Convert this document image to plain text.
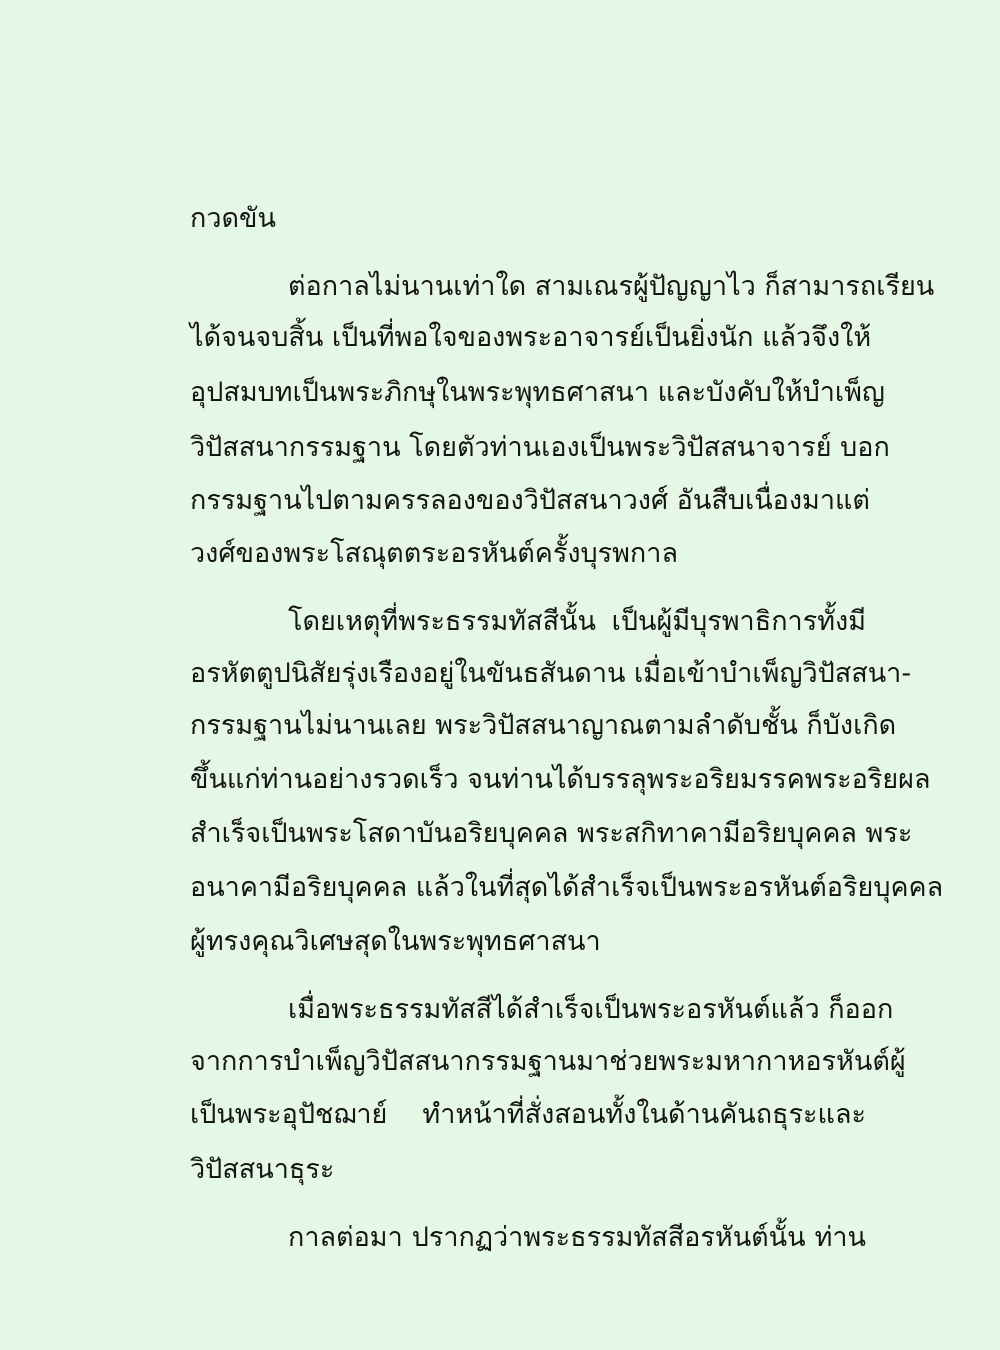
กวดขัน
ต่อกาลไม่นานเท่าใด สามเณรผู้ปัญญาไว ก็สามารถเรียน
ได้จนจบสิ้น เป็นที่พอใจของพระอาจารย์เป็นยิ่งนัก แล้วจึงให้
อุปสมบทเป็นพระภิกษุในพระพุทธศาสนา และบังคับให้บำเพ็ญ
วิปัสสนากรรมฐาน โดยตัวท่านเองเป็นพระวิปัสสนาจารย์ บอก
กรรมฐานไปตามครรลองของวิปัสสนาวงศ์ อันสืบเนื่องมาแต่
วงศ์ของพระโสณุตตระอรหันต์ครั้งบุรพกาล
โดยเหตุที่พระธรรมทัสสีนั้น เป็นผู้มีบุรพาธิการทั้งมี
อรหัตตูปนิสัยรุ่งเรืองอยู่ในขันธสันดาน เมื่อเข้าบำเพ็ญวิปัสสนา-
กรรมฐานไม่นานเลย พระวิปัสสนาญาณตามลำดับชั้น ก็บังเกิด
ขึ้นแก่ท่านอย่างรวดเร็ว จนท่านได้บรรลุพระอริยมรรคพระอริยผล
สำเร็จเป็นพระโสดาบันอริยบุคคล พระสกิทาคามีอริยบุคคล พระ
อนาคามีอริยบุคคล แล้วในที่สุดได้สำเร็จเป็นพระอรหันต์อริยบุคคล
ผู้ทรงคุณวิเศษสุดในพระพุทธศาสนา
เมื่อพระธรรมทัสสีได้สำเร็จเป็นพระอรหันต์แล้ว ก็ออก
จากการบำเพ็ญวิปัสสนากรรมฐานมาช่วยพระมหากาหอรหันต์ผู้
เป็นพระอุปัชฌาย์ ทำหน้าที่สั่งสอนทั้งในด้านคันถธุระและ
วิปัสสนาธุระ
กาลต่อมา ปรากฏว่าพระธรรมทัสสีอรหันต์นั้น ท่าน
